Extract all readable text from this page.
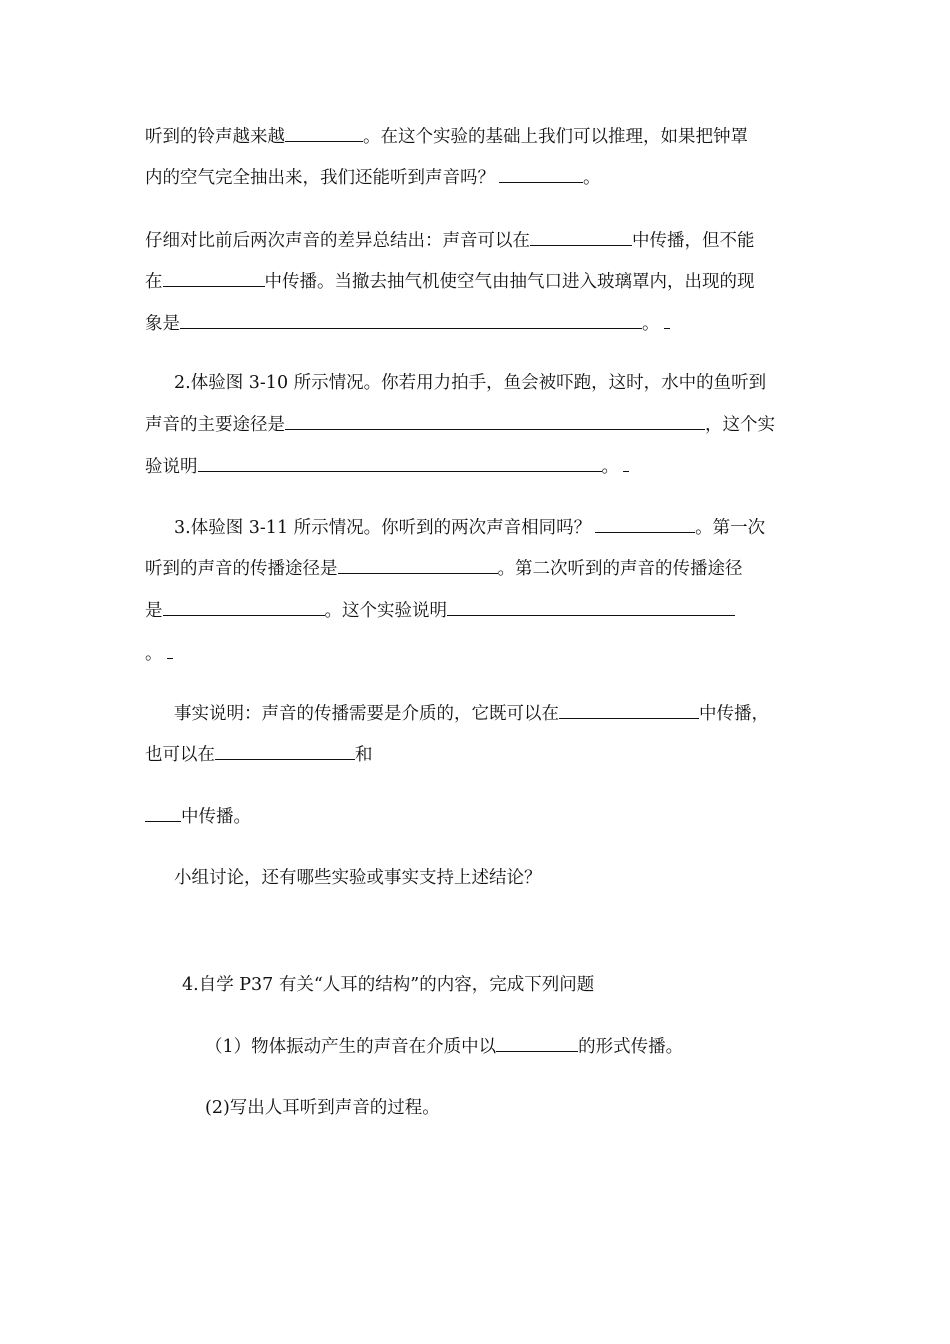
听到的铃声越来越	。在这个实验的基础上我们可以推理，如果把钟罩
内的空气完全抽出来，我们还能听到声音吗？	。
仔细对比前后两次声音的差异总结出：声音可以在	中传播，但不能
在	中传播。当撤去抽气机使空气由抽气口进入玻璃罩内，出现的现
象是	。
2.体验图 3-10 所示情况。你若用力拍手，鱼会被吓跑，这时，水中的鱼听到
声音的主要途径是	，这个实
验说明	。
3.体验图 3-11 所示情况。你听到的两次声音相同吗？	。第一次
听到的声音的传播途径是	。第二次听到的声音的传播途径
是	。这个实验说明
。
事实说明：声音的传播需要是介质的，它既可以在	中传播，
也可以在	和
中传播。
小组讨论，还有哪些实验或事实支持上述结论？
4.自学 P37 有关“人耳的结构”的内容，完成下列问题
（1）物体振动产生的声音在介质中以	的形式传播。
(2)写出人耳听到声音的过程。
